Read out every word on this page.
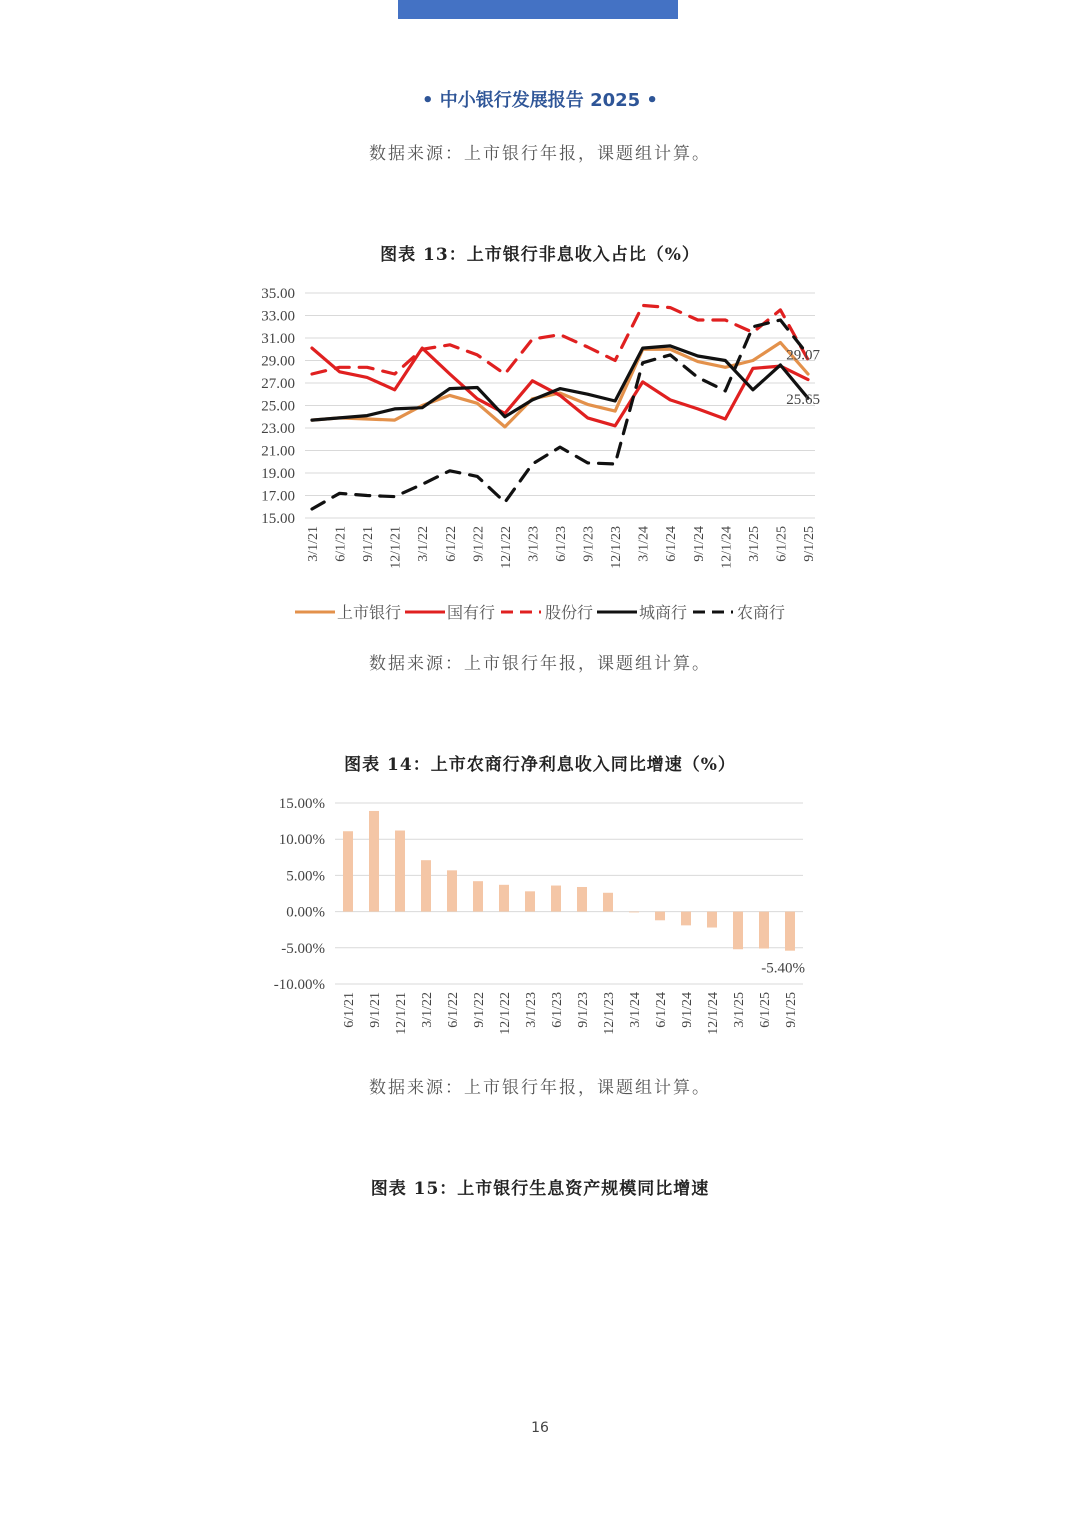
• 中小银行发展报告 2025 •
数据来源：上市银行年报，课题组计算。
图表 13：上市银行非息收入占比（%）
15.00
17.00
19.00
21.00
23.00
25.00
27.00
29.00
31.00
33.00
35.00
3/1/21 6/1/21 9/1/21 12/1/21 3/1/22 6/1/22 9/1/22 12/1/22 3/1/23 6/1/23 9/1/23 12/1/23 3/1/24 6/1/24 9/1/24 12/1/24 3/1/25 6/1/25 9/1/25
29.07
25.65
上市银行	国有行	股份行	城商行	农商行
数据来源：上市银行年报，课题组计算。
图表 14：上市农商行净利息收入同比增速（%）
-10.00%
-5.00%
0.00%
5.00%
10.00%
15.00%
6/1/21 9/1/21 12/1/21 3/1/22 6/1/22 9/1/22 12/1/22 3/1/23 6/1/23 9/1/23 12/1/23 3/1/24 6/1/24 9/1/24 12/1/24 3/1/25 6/1/25 9/1/25
-5.40%
数据来源：上市银行年报，课题组计算。
图表 15：上市银行生息资产规模同比增速
16
